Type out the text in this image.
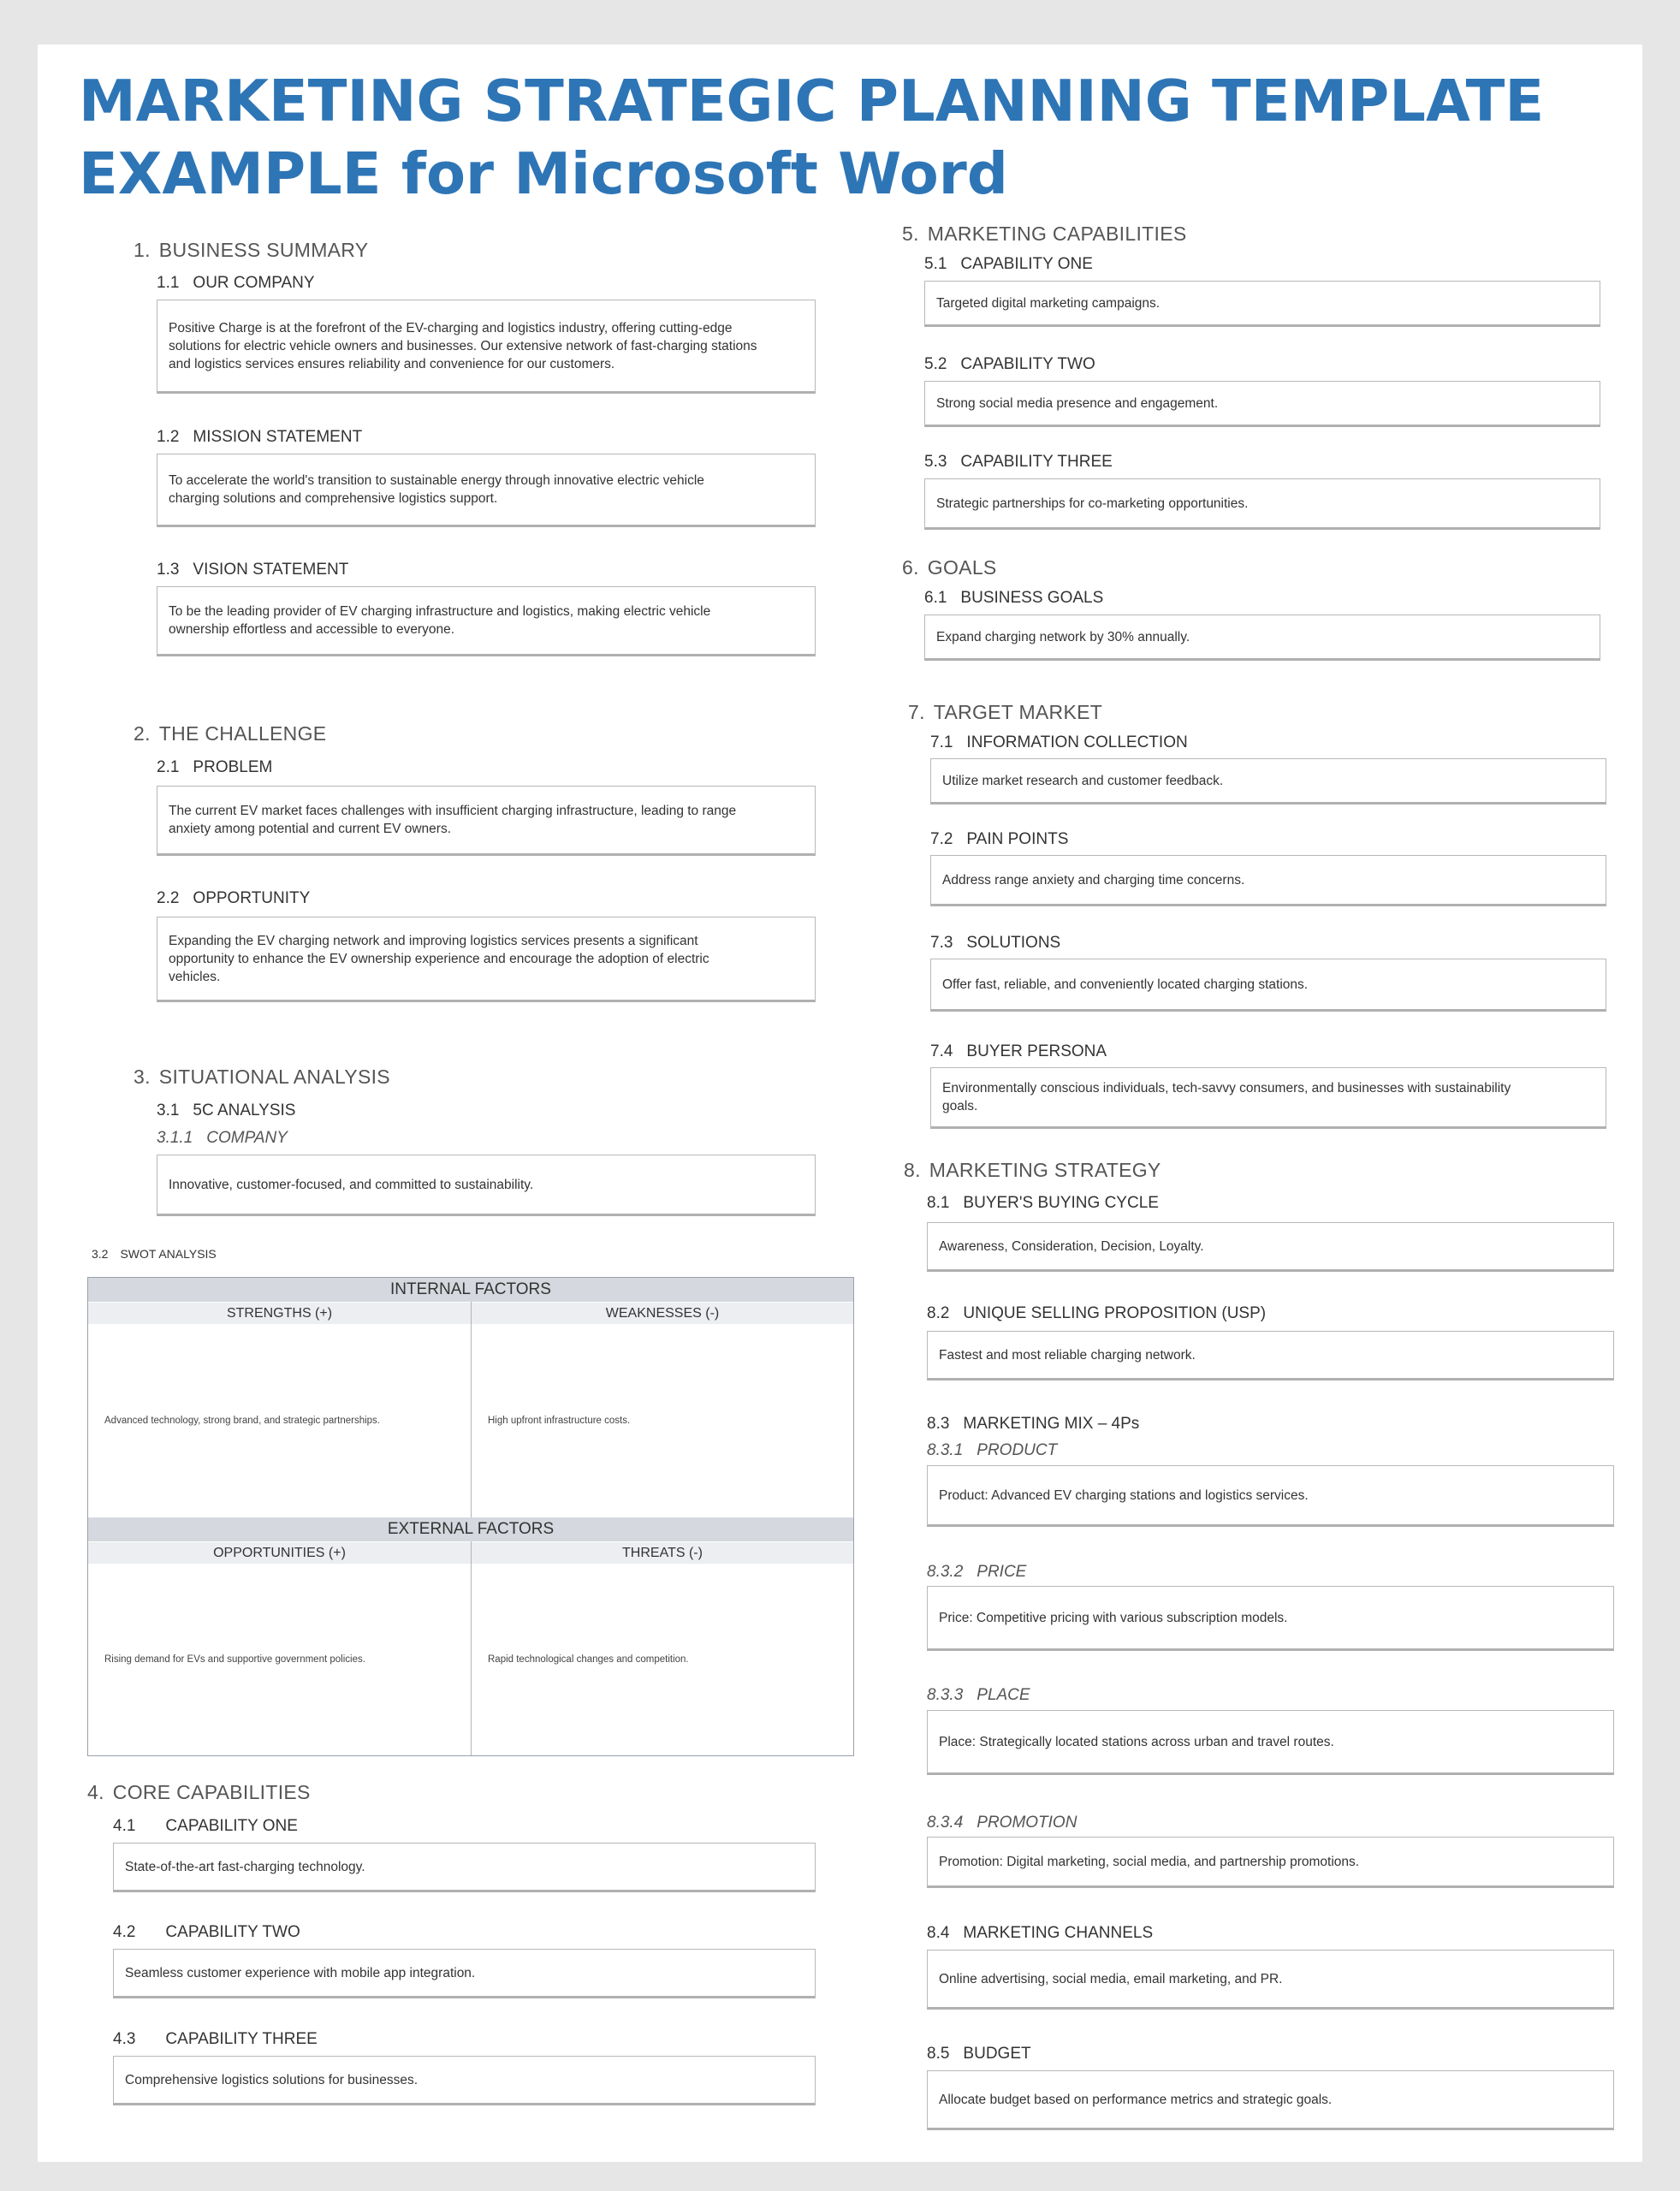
MARKETING STRATEGIC PLANNING TEMPLATE
EXAMPLE for Microsoft Word
1. BUSINESS SUMMARY
1.1 OUR COMPANY
Positive Charge is at the forefront of the EV-charging and logistics industry, offering cutting-edge
solutions for electric vehicle owners and businesses. Our extensive network of fast-charging stations
and logistics services ensures reliability and convenience for our customers.
1.2 MISSION STATEMENT
To accelerate the world's transition to sustainable energy through innovative electric vehicle
charging solutions and comprehensive logistics support.
1.3 VISION STATEMENT
To be the leading provider of EV charging infrastructure and logistics, making electric vehicle
ownership effortless and accessible to everyone.
2. THE CHALLENGE
2.1 PROBLEM
The current EV market faces challenges with insufficient charging infrastructure, leading to range
anxiety among potential and current EV owners.
2.2 OPPORTUNITY
Expanding the EV charging network and improving logistics services presents a significant
opportunity to enhance the EV ownership experience and encourage the adoption of electric
vehicles.
3. SITUATIONAL ANALYSIS
3.1 5C ANALYSIS
3.1.1 COMPANY
Innovative, customer-focused, and committed to sustainability.
3.2 SWOT ANALYSIS
INTERNAL FACTORS
STRENGTHS (+)	WEAKNESSES (-)
Advanced technology, strong brand, and strategic partnerships.	High upfront infrastructure costs.
EXTERNAL FACTORS
OPPORTUNITIES (+)	THREATS (-)
Rising demand for EVs and supportive government policies.	Rapid technological changes and competition.
4. CORE CAPABILITIES
4.1 CAPABILITY ONE
State-of-the-art fast-charging technology.
4.2 CAPABILITY TWO
Seamless customer experience with mobile app integration.
4.3 CAPABILITY THREE
Comprehensive logistics solutions for businesses.
5. MARKETING CAPABILITIES
5.1 CAPABILITY ONE
Targeted digital marketing campaigns.
5.2 CAPABILITY TWO
Strong social media presence and engagement.
5.3 CAPABILITY THREE
Strategic partnerships for co-marketing opportunities.
6. GOALS
6.1 BUSINESS GOALS
Expand charging network by 30% annually.
7. TARGET MARKET
7.1 INFORMATION COLLECTION
Utilize market research and customer feedback.
7.2 PAIN POINTS
Address range anxiety and charging time concerns.
7.3 SOLUTIONS
Offer fast, reliable, and conveniently located charging stations.
7.4 BUYER PERSONA
Environmentally conscious individuals, tech-savvy consumers, and businesses with sustainability
goals.
8. MARKETING STRATEGY
8.1 BUYER'S BUYING CYCLE
Awareness, Consideration, Decision, Loyalty.
8.2 UNIQUE SELLING PROPOSITION (USP)
Fastest and most reliable charging network.
8.3 MARKETING MIX – 4Ps
8.3.1 PRODUCT
Product: Advanced EV charging stations and logistics services.
8.3.2 PRICE
Price: Competitive pricing with various subscription models.
8.3.3 PLACE
Place: Strategically located stations across urban and travel routes.
8.3.4 PROMOTION
Promotion: Digital marketing, social media, and partnership promotions.
8.4 MARKETING CHANNELS
Online advertising, social media, email marketing, and PR.
8.5 BUDGET
Allocate budget based on performance metrics and strategic goals.
